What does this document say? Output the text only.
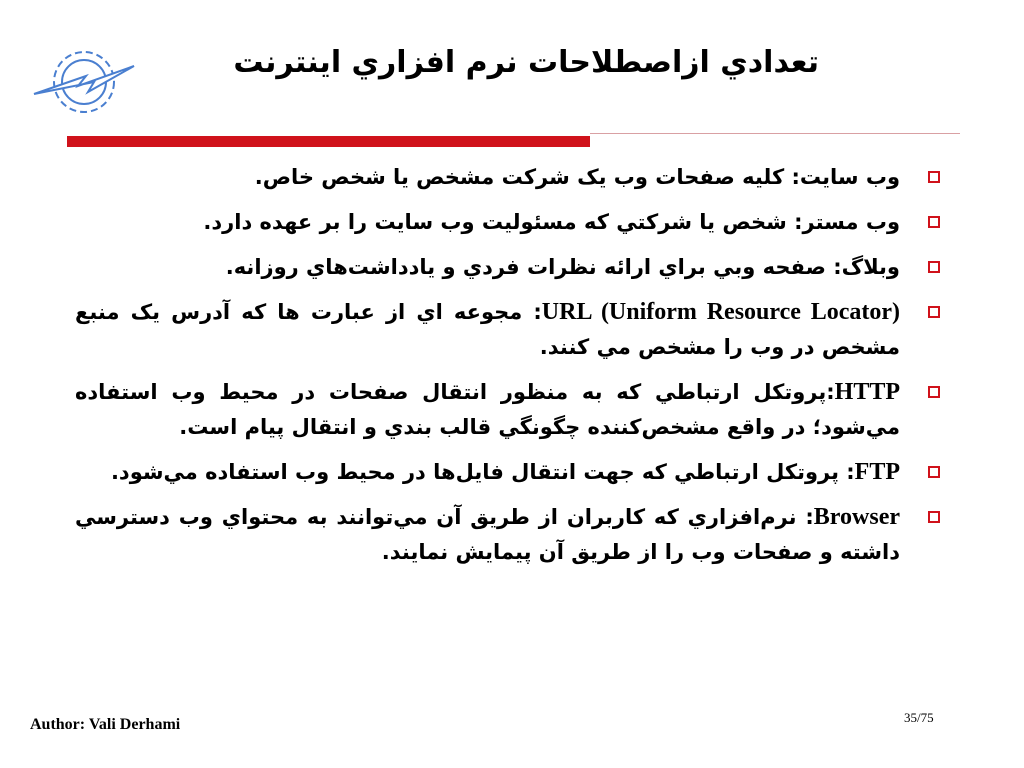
تعدادي ازاصطلاحات نرم افزاري اينترنت
وب سايت: کليه صفحات وب يک شرکت مشخص يا شخص خاص.
وب مستر: شخص يا شرکتي که مسئوليت وب سايت را بر عهده دارد.
وبلاگ: صفحه وبي براي ارائه نظرات فردي و يادداشت‌هاي روزانه.
URL (Uniform Resource Locator): مجوعه اي از عبارت ها که آدرس يک منبع مشخص در وب را مشخص مي کنند.
HTTP:پروتکل ارتباطي که به منظور انتقال صفحات در محيط وب استفاده مي‌شود؛ در واقع مشخص‌کننده چگونگي قالب بندي و انتقال پيام است.
FTP: پروتکل ارتباطي که جهت انتقال فايل‌ها در محيط وب استفاده مي‌شود.
Browser: نرم‌افزاري که کاربران از طريق آن مي‌توانند به محتواي وب دسترسي داشته و صفحات وب را از طريق آن پيمايش نمايند.
Author: Vali Derhami	35/75
